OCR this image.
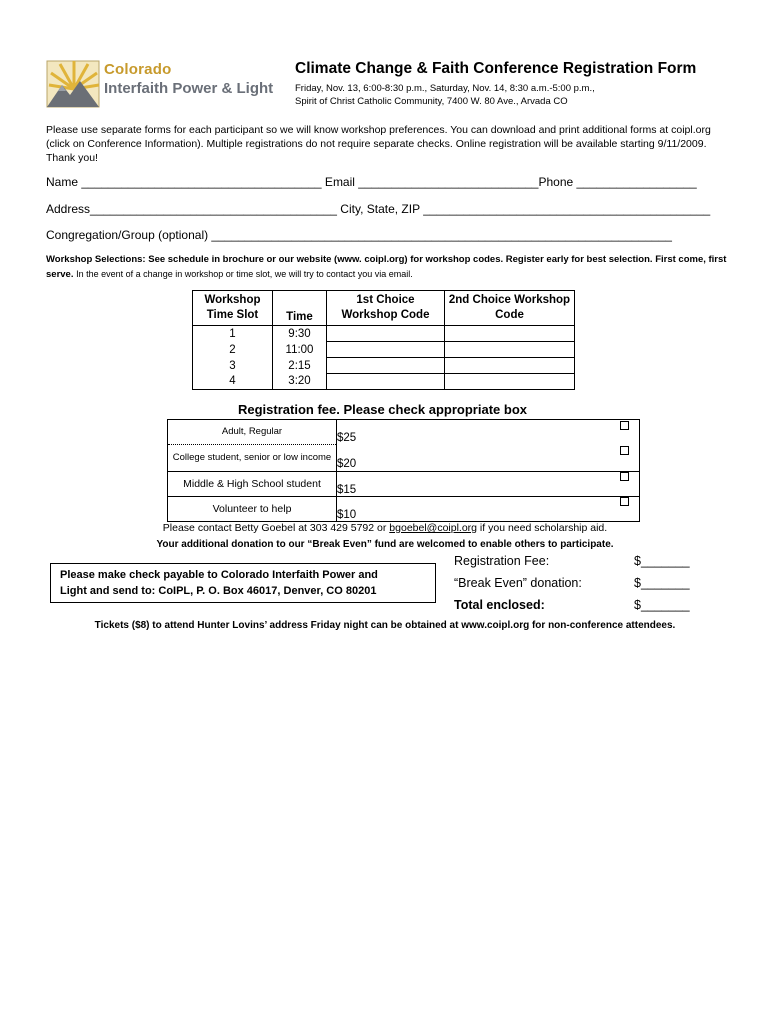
Colorado
Interfaith Power & Light
Climate Change & Faith Conference Registration Form
Friday, Nov. 13, 6:00-8:30 p.m., Saturday, Nov. 14, 8:30 a.m.-5:00 p.m.,
Spirit of Christ Catholic Community, 7400 W. 80 Ave., Arvada CO
Please use separate forms for each participant so we will know workshop preferences. You can download and print additional forms at coipl.org (click on Conference Information). Multiple registrations do not require separate checks. Online registration will be available starting 9/11/2009. Thank you!
Name ____________________________________ Email ___________________________Phone __________________
Address_____________________________________ City, State, ZIP ___________________________________________
Congregation/Group (optional) _____________________________________________________________________
Workshop Selections: See schedule in brochure or our website (www. coipl.org) for workshop codes. Register early for best selection. First come, first serve. In the event of a change in workshop or time slot, we will try to contact you via email.
Workshop Time Slot	Time	1st Choice Workshop Code	2nd Choice Workshop Code
1	9:30		
2	11:00		
3	2:15		
4	3:20		
Registration fee. Please check appropriate box
Adult, Regular	$25
College student, senior or low income	$20
Middle & High School student	$15
Volunteer to help	$10
Please contact Betty Goebel at 303 429 5792 or bgoebel@coipl.org if you need scholarship aid.
Your additional donation to our “Break Even” fund are welcomed to enable others to participate.
Please make check payable to Colorado Interfaith Power and
Light and send to: CoIPL, P. O. Box 46017, Denver, CO 80201
Registration Fee:	$_______
“Break Even” donation:	$_______
Total enclosed:	$_______
Tickets ($8) to attend Hunter Lovins’ address Friday night can be obtained at www.coipl.org for non-conference attendees.
